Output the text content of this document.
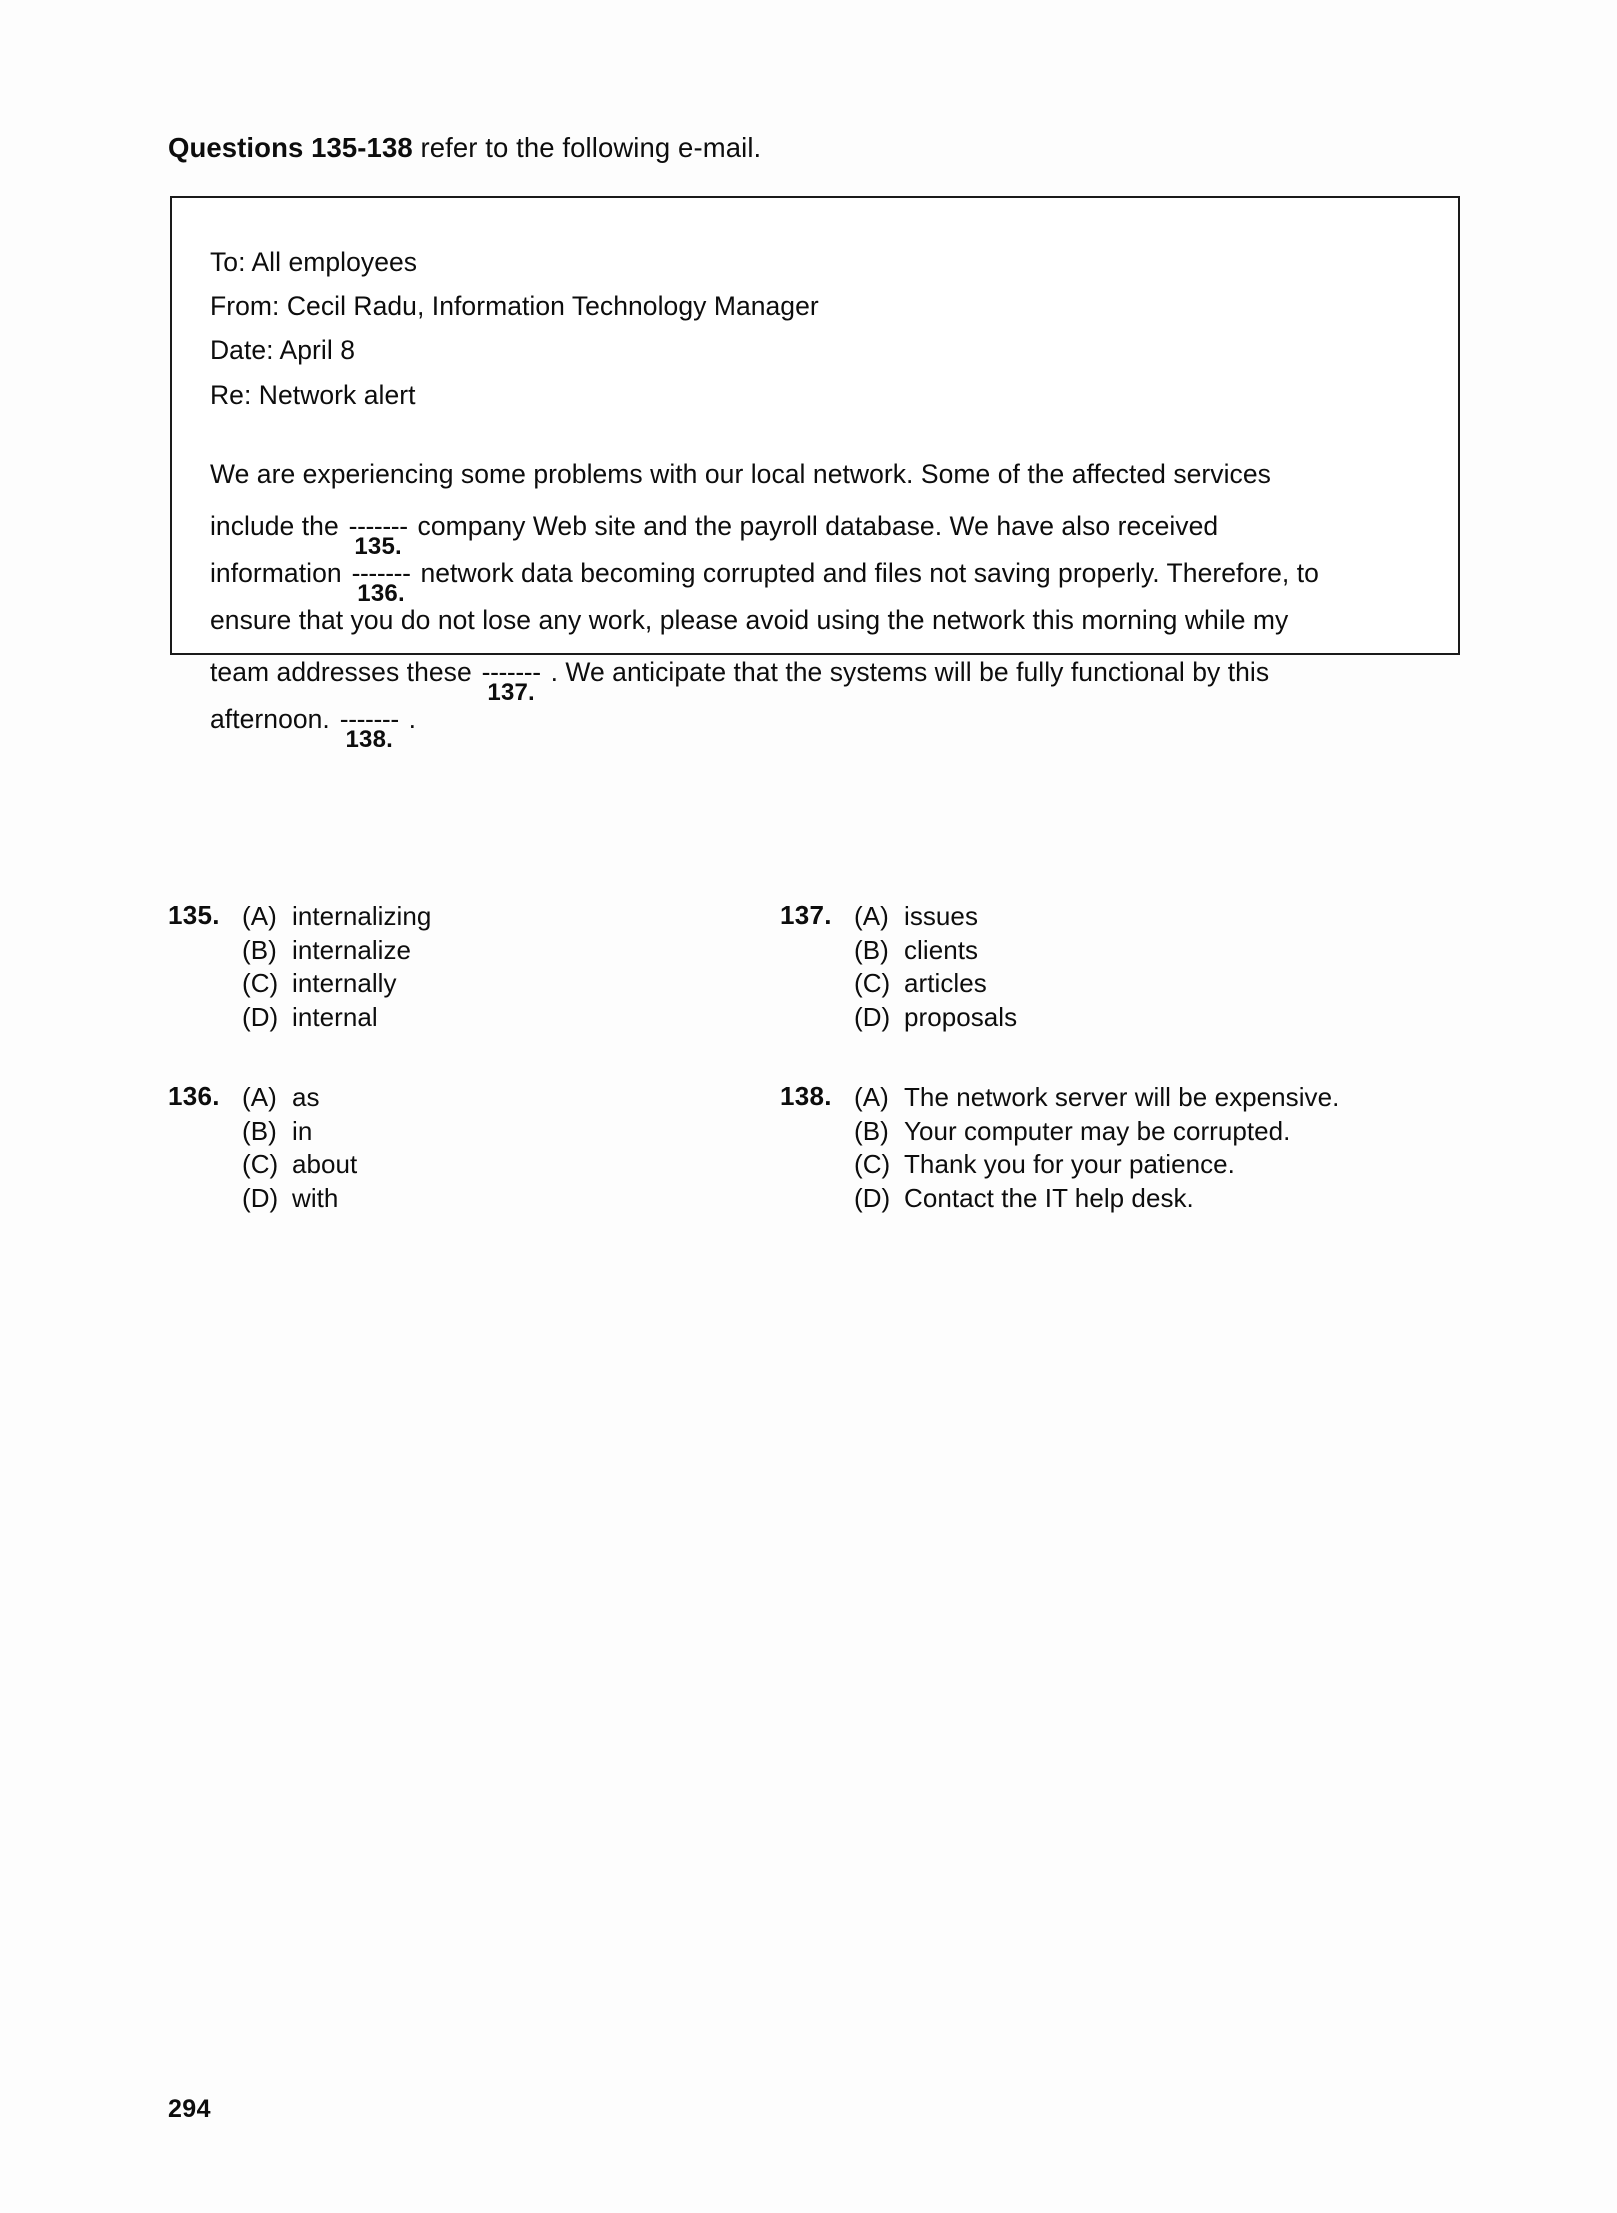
Questions 135-138 refer to the following e-mail.
To: All employees
From: Cecil Radu, Information Technology Manager
Date: April 8
Re: Network alert
We are experiencing some problems with our local network. Some of the affected services
include the -------
135.
company Web site and the payroll database. We have also received
information -------
136.
network data becoming corrupted and files not saving properly. Therefore, to
ensure that you do not lose any work, please avoid using the network this morning while my
team addresses these -------
137.
. We anticipate that the systems will be fully functional by this
afternoon. -------
138.
.
135. (A) internalizing
(B) internalize
(C) internally
(D) internal
136. (A) as
(B) in
(C) about
(D) with
137. (A) issues
(B) clients
(C) articles
(D) proposals
138. (A) The network server will be expensive.
(B) Your computer may be corrupted.
(C) Thank you for your patience.
(D) Contact the IT help desk.
294
